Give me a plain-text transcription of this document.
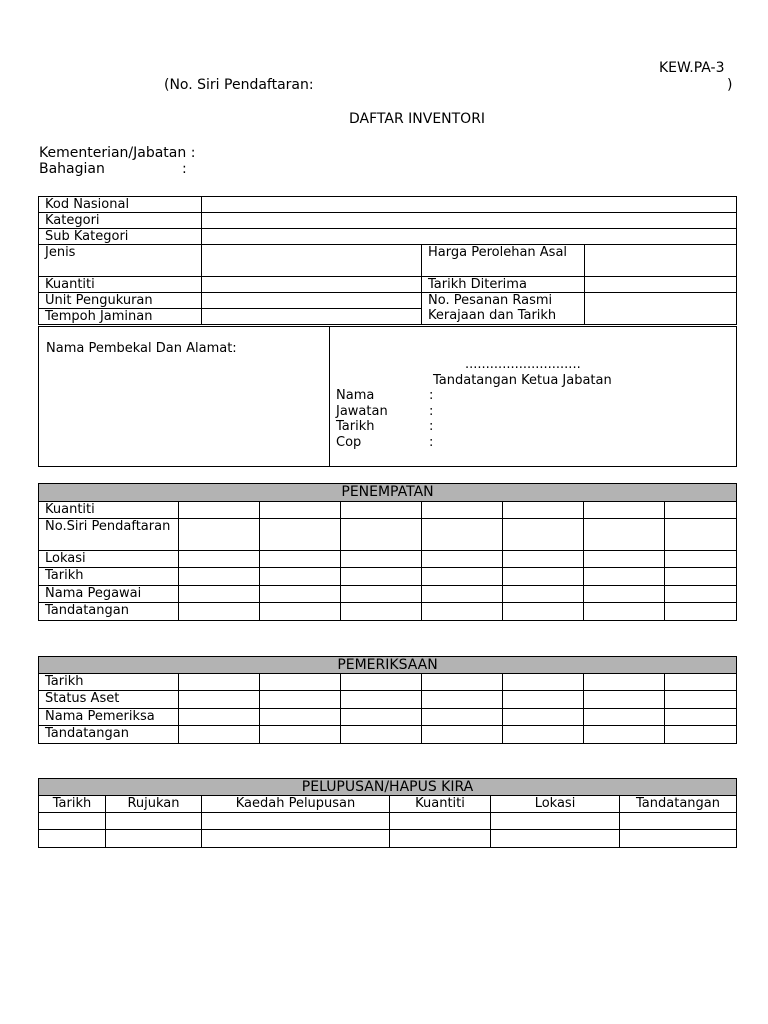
KEW.PA-3
(No. Siri Pendaftaran:	)
DAFTAR INVENTORI
Kementerian/Jabatan :
Bahagian	:
Kod Nasional			
Kategori			
Sub Kategori			
Jenis		Harga Perolehan Asal	
Kuantiti		Tarikh Diterima	
Unit Pengukuran		No. Pesanan Rasmi Kerajaan dan Tarikh	
Tempoh Jaminan			
Nama Pembekal Dan Alamat:

............................
Tandatangan Ketua Jabatan
Nama	:
Jawatan	:
Tarikh	:
Cop	:
PENEMPATAN							
Kuantiti							
No.Siri Pendaftaran							
Lokasi							
Tarikh							
Nama Pegawai							
Tandatangan							
PEMERIKSAAN							
Tarikh							
Status Aset							
Nama Pemeriksa							
Tandatangan							
PELUPUSAN/HAPUS KIRA					
Tarikh	Rujukan	Kaedah Pelupusan	Kuantiti	Lokasi	Tandatangan
